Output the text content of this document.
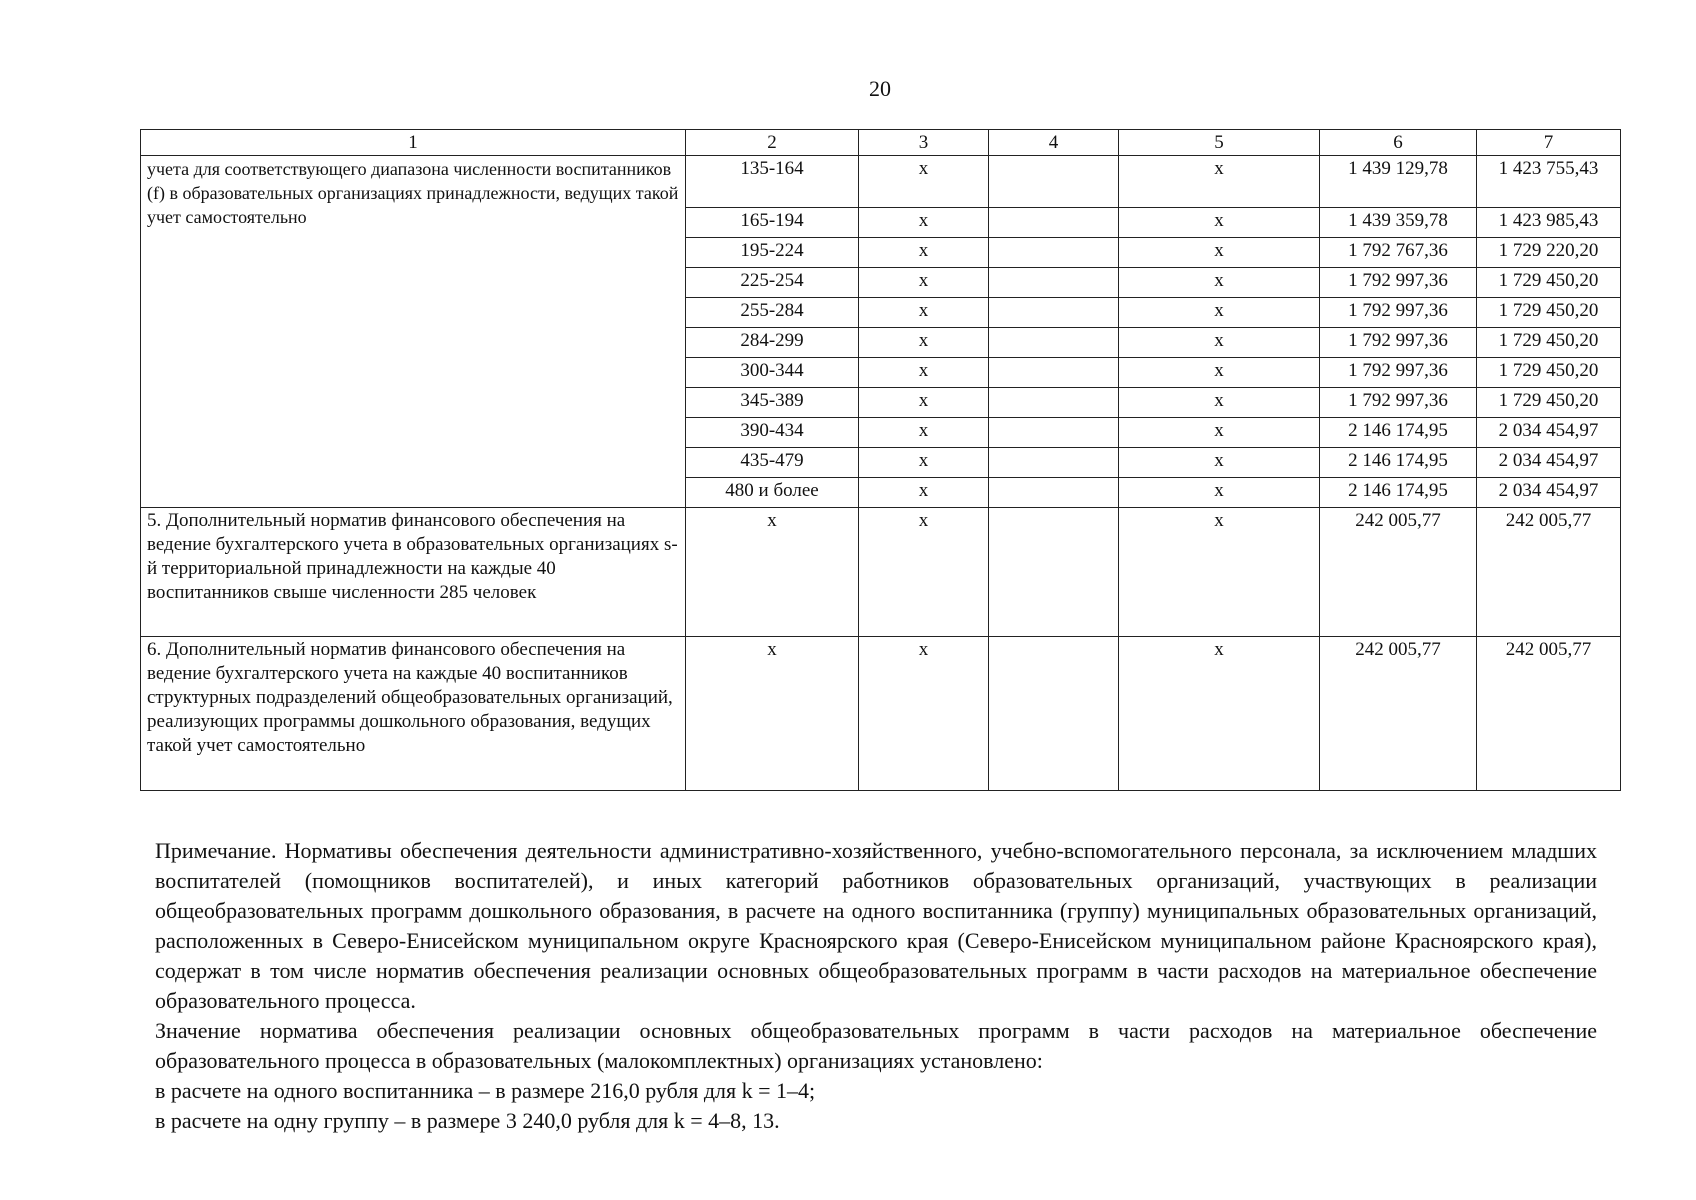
20
1	2	3	4	5	6	7
учета для соответствующего диапазона численности воспитанников (f) в образовательных организациях принадлежности, ведущих такой учет самостоятельно	135-164	x		x	1 439 129,78	1 423 755,43
	165-194	x		x	1 439 359,78	1 423 985,43
	195-224	x		x	1 792 767,36	1 729 220,20
	225-254	x		x	1 792 997,36	1 729 450,20
	255-284	x		x	1 792 997,36	1 729 450,20
	284-299	x		x	1 792 997,36	1 729 450,20
	300-344	x		x	1 792 997,36	1 729 450,20
	345-389	x		x	1 792 997,36	1 729 450,20
	390-434	x		x	2 146 174,95	2 034 454,97
	435-479	x		x	2 146 174,95	2 034 454,97
	480 и более	x		x	2 146 174,95	2 034 454,97
5. Дополнительный норматив финансового обеспечения на ведение бухгалтерского учета в образовательных организациях s-й территориальной принадлежности на каждые 40 воспитанников свыше численности 285 человек	x	x		x	242 005,77	242 005,77
6. Дополнительный норматив финансового обеспечения на ведение бухгалтерского учета на каждые 40 воспитанников структурных подразделений общеобразовательных организаций, реализующих программы дошкольного образования, ведущих такой учет самостоятельно	x	x		x	242 005,77	242 005,77

Примечание. Нормативы обеспечения деятельности административно-хозяйственного, учебно-вспомогательного персонала, за исключением младших воспитателей (помощников воспитателей), и иных категорий работников образовательных организаций, участвующих в реализации общеобразовательных программ дошкольного образования, в расчете на одного воспитанника (группу) муниципальных образовательных организаций, расположенных в Северо-Енисейском муниципальном округе Красноярского края (Северо-Енисейском муниципальном районе Красноярского края), содержат в том числе норматив обеспечения реализации основных общеобразовательных программ в части расходов на материальное обеспечение образовательного процесса.

Значение норматива обеспечения реализации основных общеобразовательных программ в части расходов на материальное обеспечение образовательного процесса в образовательных (малокомплектных) организациях установлено:

в расчете на одного воспитанника – в размере 216,0 рубля для k = 1–4;

в расчете на одну группу – в размере 3 240,0 рубля для k = 4–8, 13.
